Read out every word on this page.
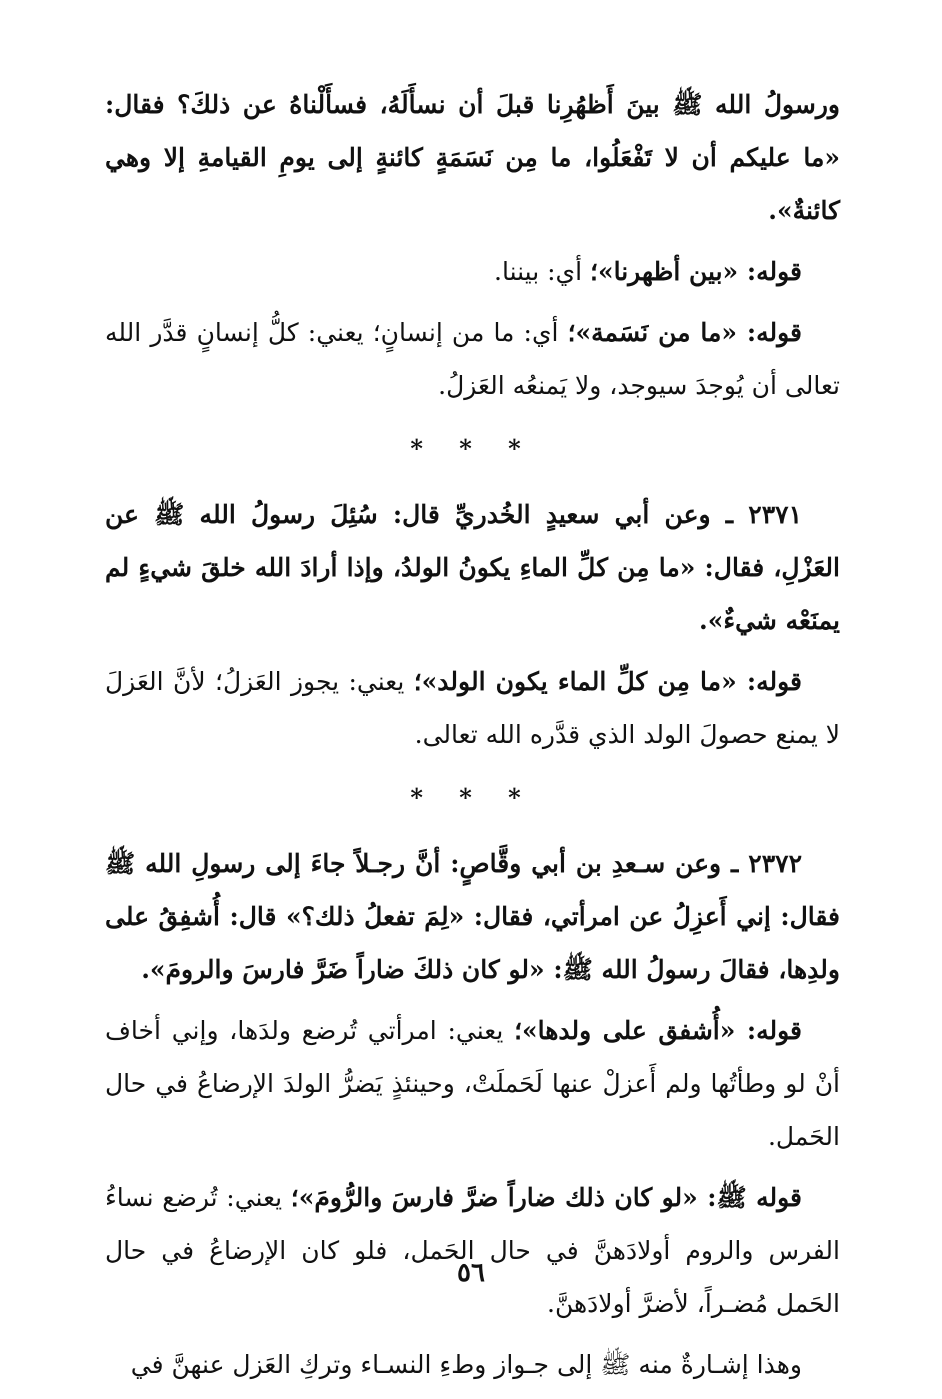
ورسولُ الله ﷺ بينَ أَظهُرِنا قبلَ أن نسأَلَهُ، فسأَلْناهُ عن ذلكَ؟ فقال: «ما عليكم أن لا تَفْعَلُوا، ما مِن نَسَمَةٍ كائنةٍ إلى يومِ القيامةِ إلا وهي كائنةٌ».

قوله: «بين أظهرنا»؛ أي: بيننا.

قوله: «ما من نَسَمة»؛ أي: ما من إنسانٍ؛ يعني: كلُّ إنسانٍ قدَّر الله تعالى أن يُوجدَ سيوجد، ولا يَمنعُه العَزلُ.

* * *

٢٣٧١ ـ وعن أبي سعيدٍ الخُدريِّ قال: سُئِلَ رسولُ الله ﷺ عن العَزْلِ، فقال: «ما مِن كلِّ الماءِ يكونُ الولدُ، وإذا أرادَ الله خلقَ شيءٍ لم يمنَعْه شيءٌ».

قوله: «ما مِن كلِّ الماء يكون الولد»؛ يعني: يجوز العَزلُ؛ لأنَّ العَزلَ لا يمنع حصولَ الولد الذي قدَّره الله تعالى.

* * *

٢٣٧٢ ـ وعن سـعدِ بن أبي وقَّاصٍ: أنَّ رجـلاً جاءَ إلى رسولِ الله ﷺ فقال: إني أَعزِلُ عن امرأتي، فقال: «لِمَ تفعلُ ذلك؟» قال: أُشفِقُ على ولدِها، فقالَ رسولُ الله ﷺ: «لو كان ذلكَ ضاراً ضَرَّ فارسَ والرومَ».

قوله: «أُشفق على ولدها»؛ يعني: امرأتي تُرضع ولدَها، وإني أخاف أنْ لو وطأتُها ولم أَعزلْ عنها لَحَملَتْ، وحينئذٍ يَضرُّ الولدَ الإرضاعُ في حال الحَمل.

قوله ﷺ: «لو كان ذلك ضاراً ضرَّ فارسَ والرُّومَ»؛ يعني: تُرضع نساءُ الفرس والروم أولادَهنَّ في حال الحَمل، فلو كان الإرضاعُ في حال الحَمل مُضـراً، لأضرَّ أولادَهنَّ.

وهذا إشـارةٌ منه ﷺ إلى جـواز وطءِ النسـاء وتركِ العَزل عنهنَّ في

٥٦
